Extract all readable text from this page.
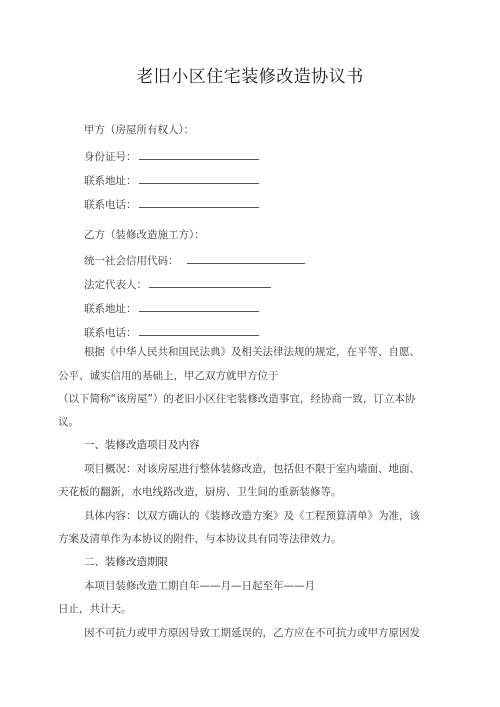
老旧小区住宅装修改造协议书
甲方（房屋所有权人）：
身份证号：
联系地址：
联系电话：
乙方（装修改造施工方）：
统一社会信用代码：
法定代表人：
联系地址：
联系电话：
根据《中华人民共和国民法典》及相关法律法规的规定，在平等、自愿、
公平、诚实信用的基础上，甲乙双方就甲方位于
（以下简称“该房屋”）的老旧小区住宅装修改造事宜，经协商一致，订立本协
议。
一、装修改造项目及内容
项目概况：对该房屋进行整体装修改造，包括但不限于室内墙面、地面、
天花板的翻新，水电线路改造，厨房、卫生间的重新装修等。
具体内容：以双方确认的《装修改造方案》及《工程预算清单》为准，该
方案及清单作为本协议的附件，与本协议具有同等法律效力。
二、装修改造期限
本项目装修改造工期自年——月—日起至年——月
日止，共计天。
因不可抗力或甲方原因导致工期延误的，乙方应在不可抗力或甲方原因发
